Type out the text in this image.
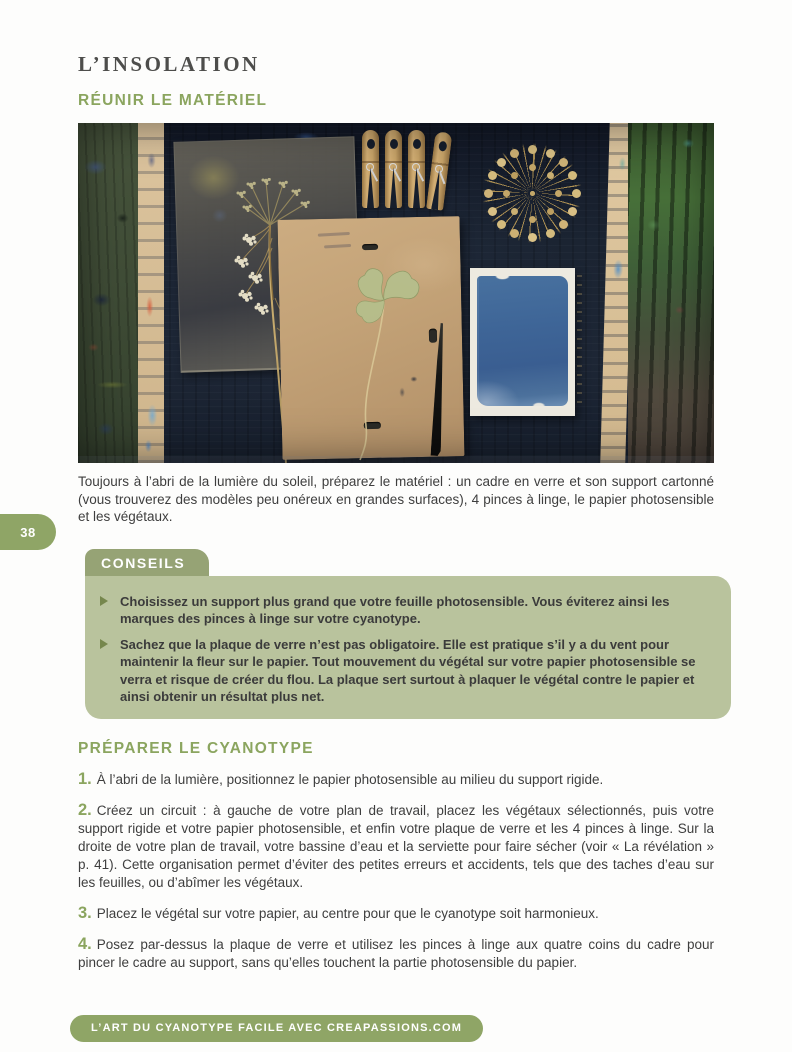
L’INSOLATION
RÉUNIR LE MATÉRIEL

Toujours à l’abri de la lumière du soleil, préparez le matériel : un cadre en verre et son support cartonné (vous trouverez des modèles peu onéreux en grandes surfaces), 4 pinces à linge, le papier photosensible et les végétaux.

CONSEILS
Choisissez un support plus grand que votre feuille photosensible. Vous éviterez ainsi les marques des pinces à linge sur votre cyanotype.
Sachez que la plaque de verre n’est pas obligatoire. Elle est pratique s’il y a du vent pour maintenir la fleur sur le papier. Tout mouvement du végétal sur votre papier photosensible se verra et risque de créer du flou. La plaque sert surtout à plaquer le végétal contre le papier et ainsi obtenir un résultat plus net.
PRÉPARER LE CYANOTYPE

1. À l’abri de la lumière, positionnez le papier photosensible au milieu du support rigide.

2. Créez un circuit : à gauche de votre plan de travail, placez les végétaux sélectionnés, puis votre support rigide et votre papier photosensible, et enfin votre plaque de verre et les 4 pinces à linge. Sur la droite de votre plan de travail, votre bassine d’eau et la serviette pour faire sécher (voir « La révélation » p. 41). Cette organisation permet d’éviter des petites erreurs et accidents, tels que des taches d’eau sur les feuilles, ou d’abîmer les végétaux.

3. Placez le végétal sur votre papier, au centre pour que le cyanotype soit harmonieux.

4. Posez par-dessus la plaque de verre et utilisez les pinces à linge aux quatre coins du cadre pour pincer le cadre au support, sans qu’elles touchent la partie photosensible du papier.

38
L’ART DU CYANOTYPE FACILE AVEC CREAPASSIONS.COM
